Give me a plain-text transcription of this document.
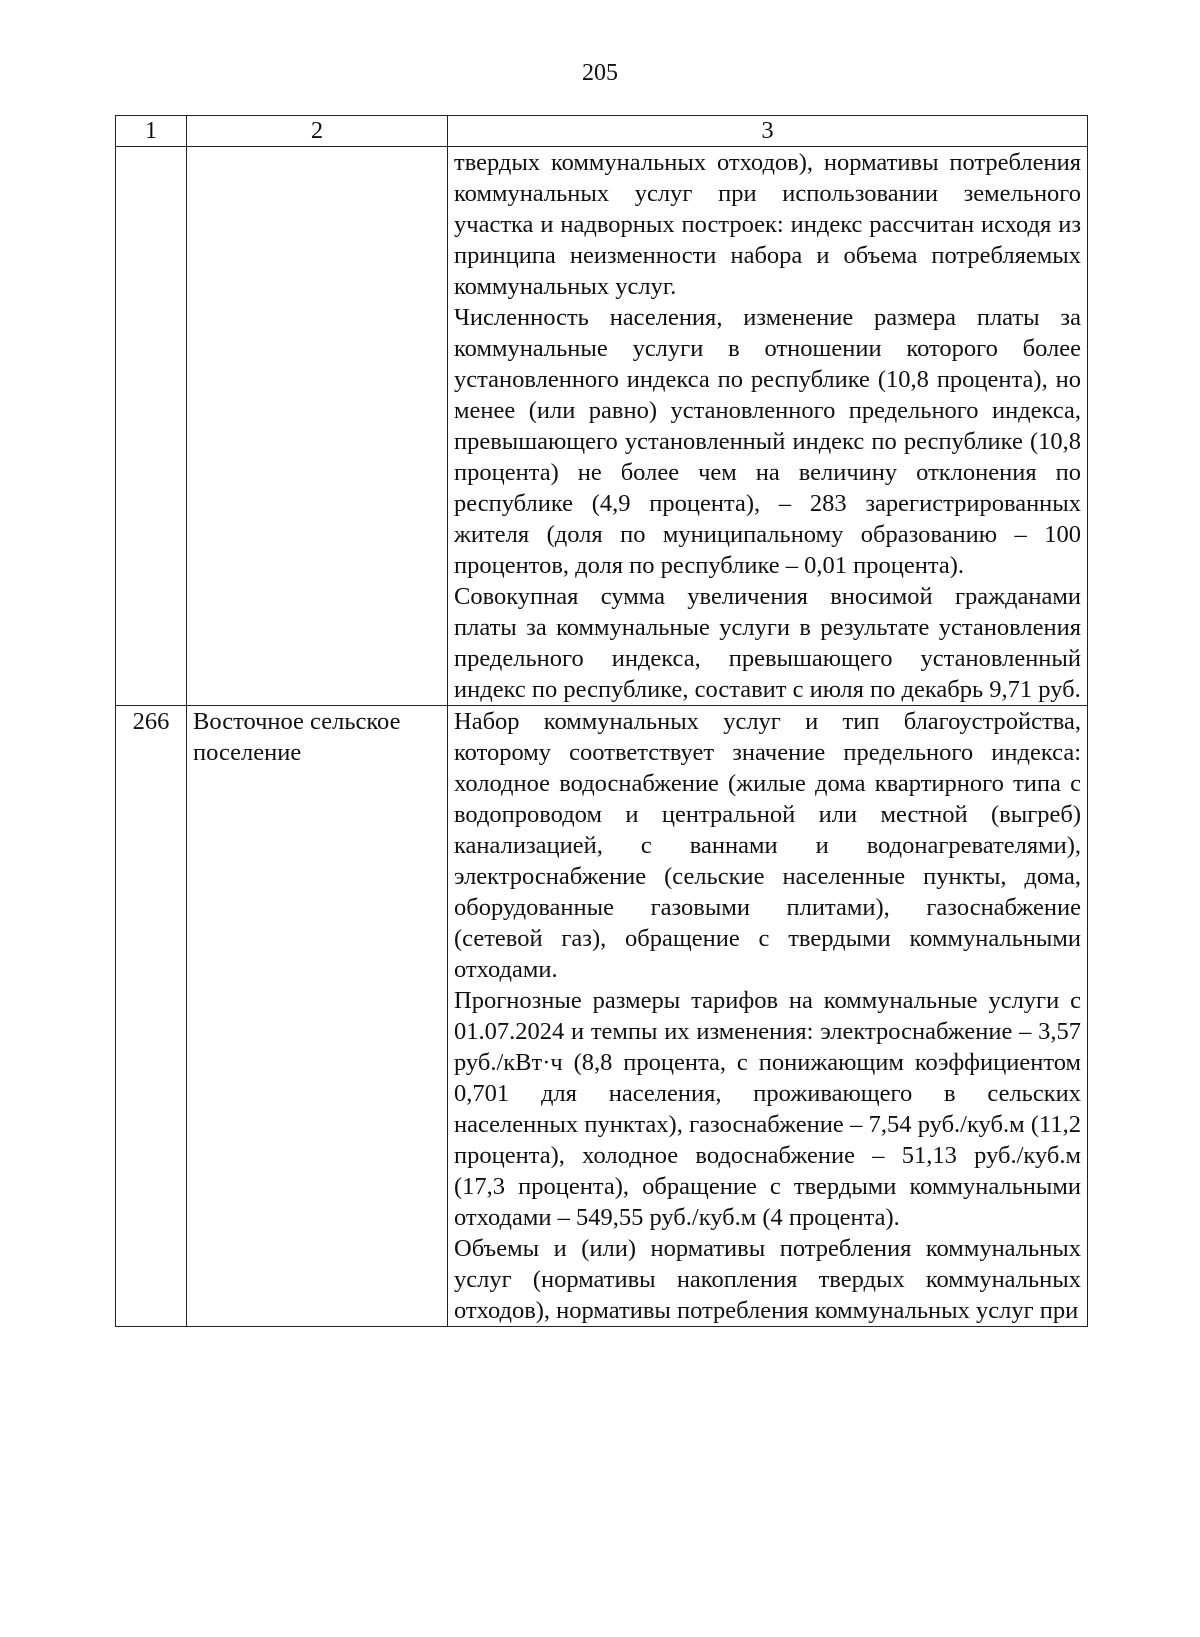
205
1	2	3

		твердых коммунальных отходов), нормативы потребления коммунальных услуг при использовании земельного участка и надворных построек: индекс рассчитан исходя из принципа неизменности набора и объема потребляемых коммунальных услуг.

Численность населения, изменение размера платы за коммунальные услуги в отношении которого более установленного индекса по республике (10,8 процента), но менее (или равно) установленного предельного индекса, превышающего установленный индекс по республике (10,8 процента) не более чем на величину отклонения по республике (4,9 процента), – 283 зарегистрированных жителя (доля по муниципальному образованию – 100 процентов, доля по республике – 0,01 процента).

Совокупная сумма увеличения вносимой гражданами платы за коммунальные услуги в результате установления предельного индекса, превышающего установленный индекс по республике, составит с июля по декабрь 9,71 руб.

266	Восточное сельское поселение	Набор коммунальных услуг и тип благоустройства, которому соответствует значение предельного индекса: холодное водоснабжение (жилые дома квартирного типа с водопроводом и центральной или местной (выгреб) канализацией, с ваннами и водонагревателями), электроснабжение (сельские населенные пункты, дома, оборудованные газовыми плитами), газоснабжение (сетевой газ), обращение с твердыми коммунальными отходами.

Прогнозные размеры тарифов на коммунальные услуги с 01.07.2024 и темпы их изменения: электроснабжение – 3,57 руб./кВт·ч (8,8 процента, с понижающим коэффициентом 0,701 для населения, проживающего в сельских населенных пунктах), газоснабжение – 7,54 руб./куб.м (11,2 процента), холодное водоснабжение – 51,13 руб./куб.м (17,3 процента), обращение с твердыми коммунальными отходами – 549,55 руб./куб.м (4 процента).

Объемы и (или) нормативы потребления коммунальных услуг (нормативы накопления твердых коммунальных отходов), нормативы потребления коммунальных услуг при
